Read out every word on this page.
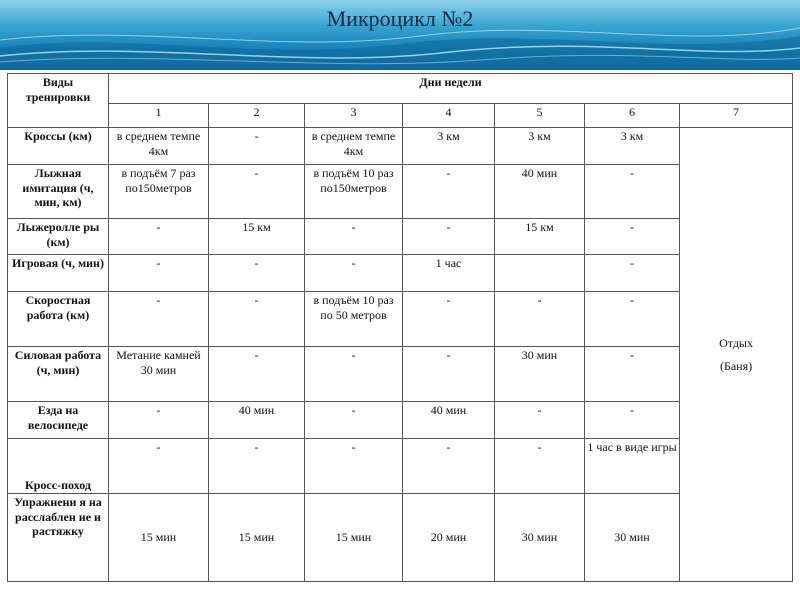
Микроцикл №2
Виды тренировки	Дни недели						
	1	2	3	4	5	6	7
Кроссы (км)	в среднем темпе 4км	-	в среднем темпе 4км	3 км	3 км	3 км	Отдых
(Баня)

Лыжная имитация (ч, мин, км)	в подъём 7 раз по150метров	-	в подъём 10 раз по150метров	-	40 мин	-	
Лыжеролле ры (км)	-	15 км	-	-	15 км	-	
Игровая (ч, мин)	-	-	-	1 час		-	
Скоростная работа (км)	-	-	в подъём 10 раз по 50 метров	-	-	-	
Силовая работа (ч, мин)	Метание камней 30 мин	-	-	-	30 мин	-	
Езда на велосипеде	-	40 мин	-	40 мин	-	-	
Кросс-поход	-	-	-	-	-	1 час в виде игры	
Упражнени я на расслаблен ие и растяжку	15 мин	15 мин	15 мин	20 мин	30 мин	30 мин	
